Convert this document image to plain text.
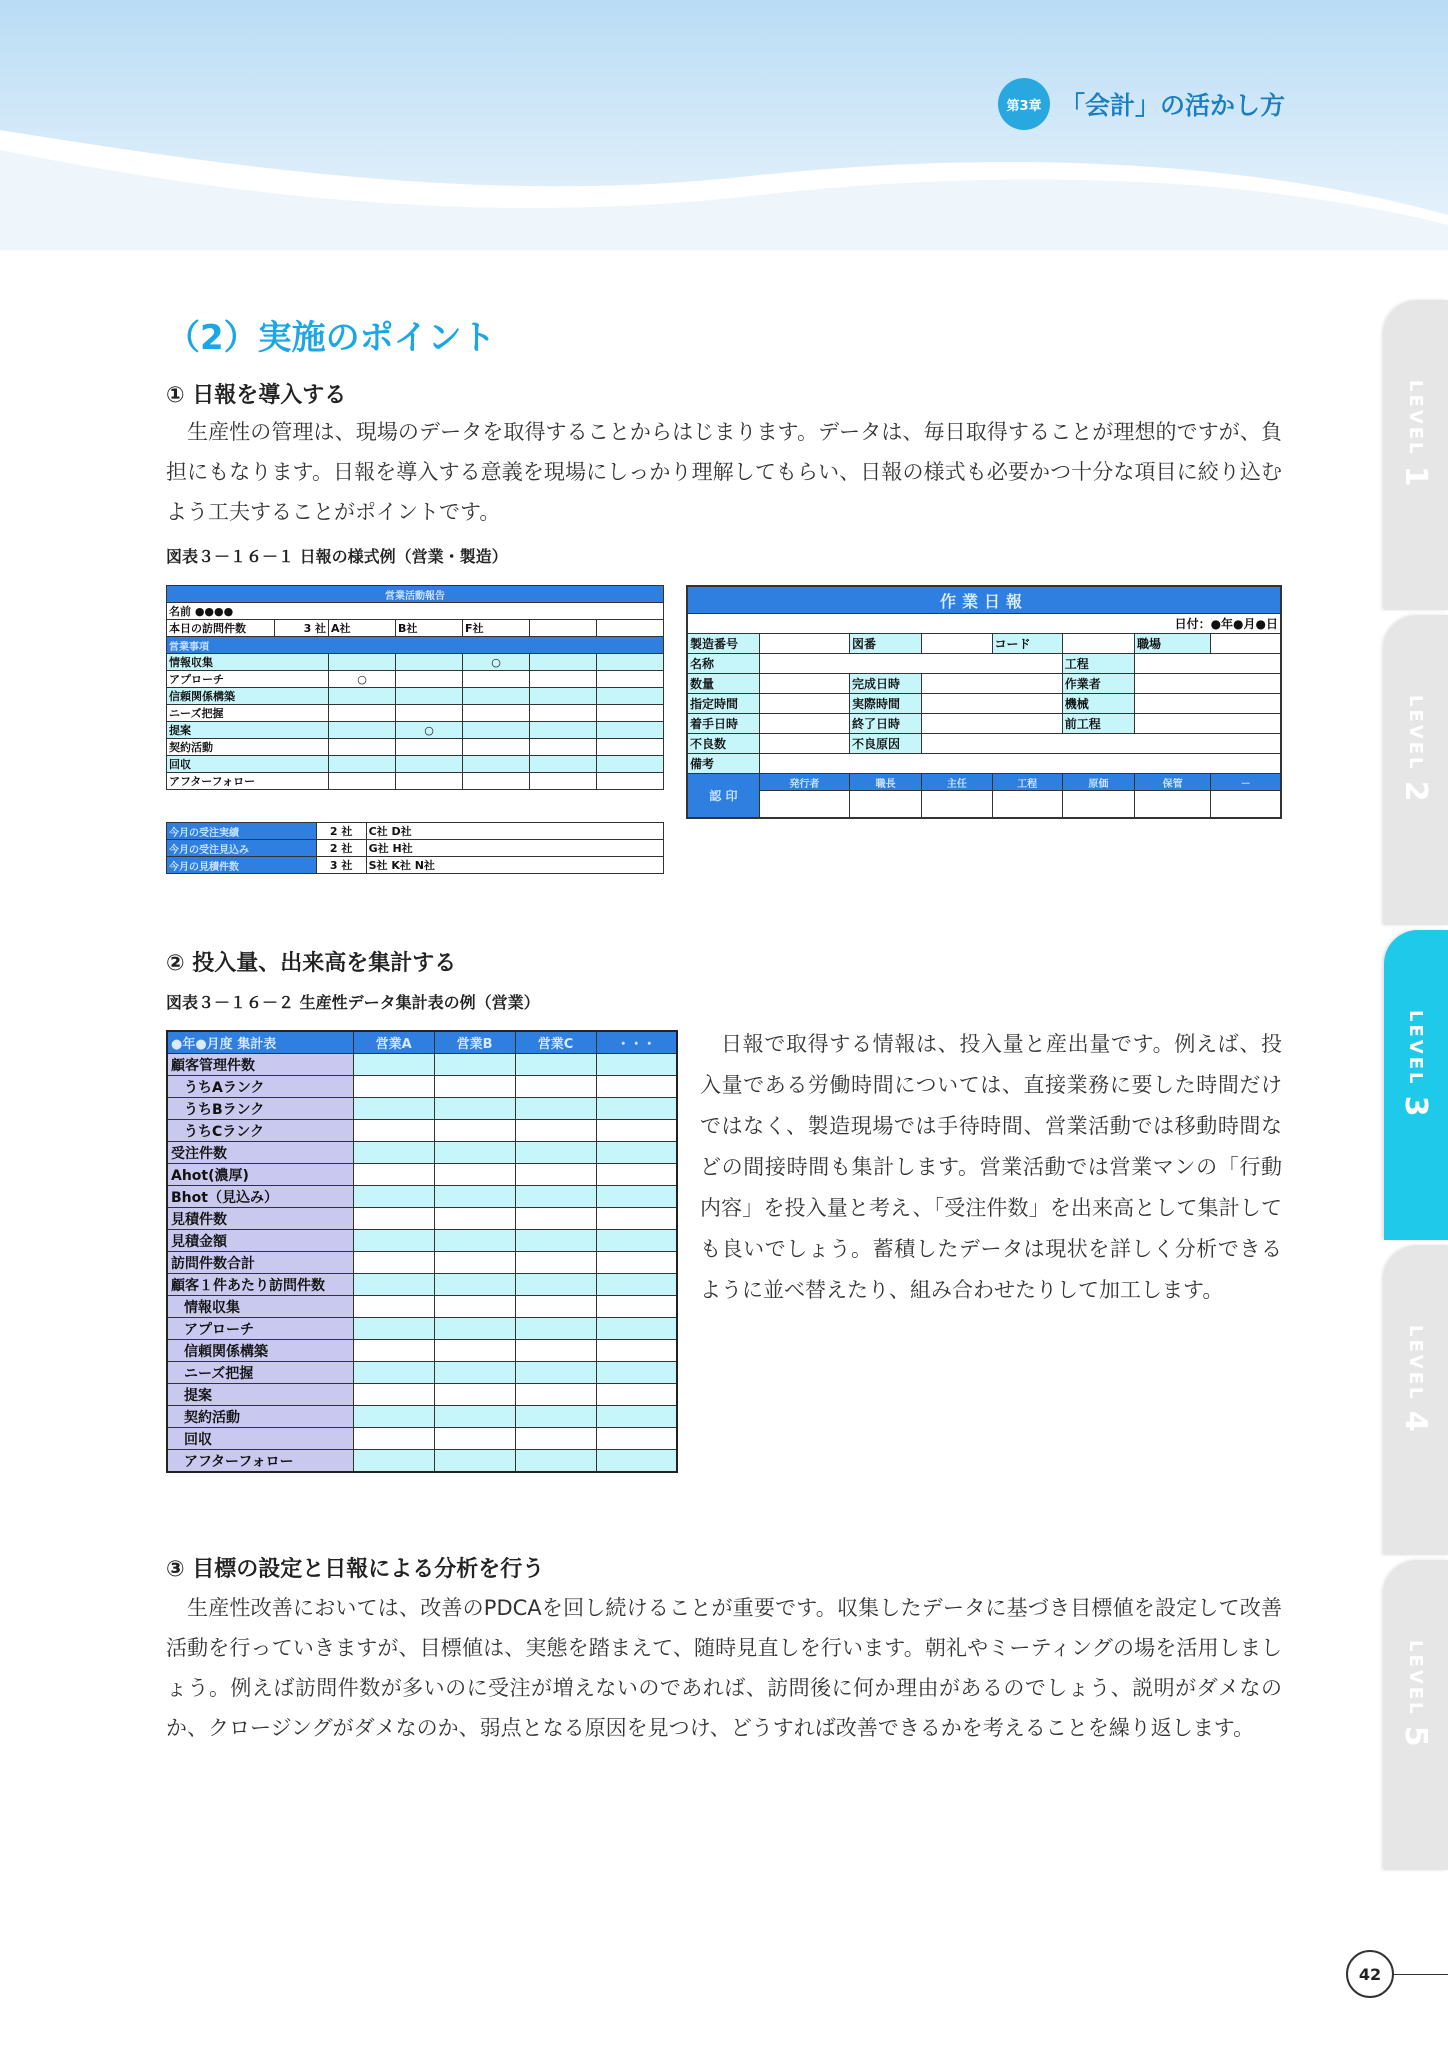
第3章 「会計」の活かし方
LEVEL 1
LEVEL 2
LEVEL 3
LEVEL 4
LEVEL 5
（2）実施のポイント
① 日報を導入する
生産性の管理は、現場のデータを取得することからはじまります。データは、毎日取得することが理想的ですが、負担にもなります。日報を導入する意義を現場にしっかり理解してもらい、日報の様式も必要かつ十分な項目に絞り込むよう工夫することがポイントです。
図表３－１６－１ 日報の様式例（営業・製造）
営業活動報告						
名前 ●●●●						
本日の訪問件数	3 社	A社	B社	F社		
営業事項						
情報収集				○		
アプローチ		○				
信頼関係構築						
ニーズ把握						
提案			○			
契約活動						
回収						
アフターフォロー						
今月の受注実績	2 社	C社 D社
今月の受注見込み	2 社	G社 H社
今月の見積件数	3 社	S社 K社 N社
作業日報							
日付：●年●月●日							
製造番号		図番		コード		職場	
名称					工程		
数量		完成日時			作業者		
指定時間		実際時間			機械		
着手日時		終了日時			前工程		
不良数		不良原因					
備考							
認 印	発行者	職長	主任	工程	原価	保管	－

② 投入量、出来高を集計する
図表３－１６－２ 生産性データ集計表の例（営業）
●年●月度 集計表	営業A	営業B	営業C	・・・
顧客管理件数				
うちAランク				
うちBランク				
うちCランク				
受注件数				
Ahot(濃厚)				
Bhot（見込み）				
見積件数				
見積金額				
訪問件数合計				
顧客１件あたり訪問件数				
情報収集				
アプローチ				
信頼関係構築				
ニーズ把握				
提案				
契約活動				
回収				
アフターフォロー				
日報で取得する情報は、投入量と産出量です。例えば、投入量である労働時間については、直接業務に要した時間だけではなく、製造現場では手待時間、営業活動では移動時間などの間接時間も集計します。営業活動では営業マンの「行動内容」を投入量と考え、「受注件数」を出来高として集計しても良いでしょう。蓄積したデータは現状を詳しく分析できるように並べ替えたり、組み合わせたりして加工します。
③ 目標の設定と日報による分析を行う
生産性改善においては、改善のPDCAを回し続けることが重要です。収集したデータに基づき目標値を設定して改善活動を行っていきますが、目標値は、実態を踏まえて、随時見直しを行います。朝礼やミーティングの場を活用しましょう。例えば訪問件数が多いのに受注が増えないのであれば、訪問後に何か理由があるのでしょう、説明がダメなのか、クロージングがダメなのか、弱点となる原因を見つけ、どうすれば改善できるかを考えることを繰り返します。
42
